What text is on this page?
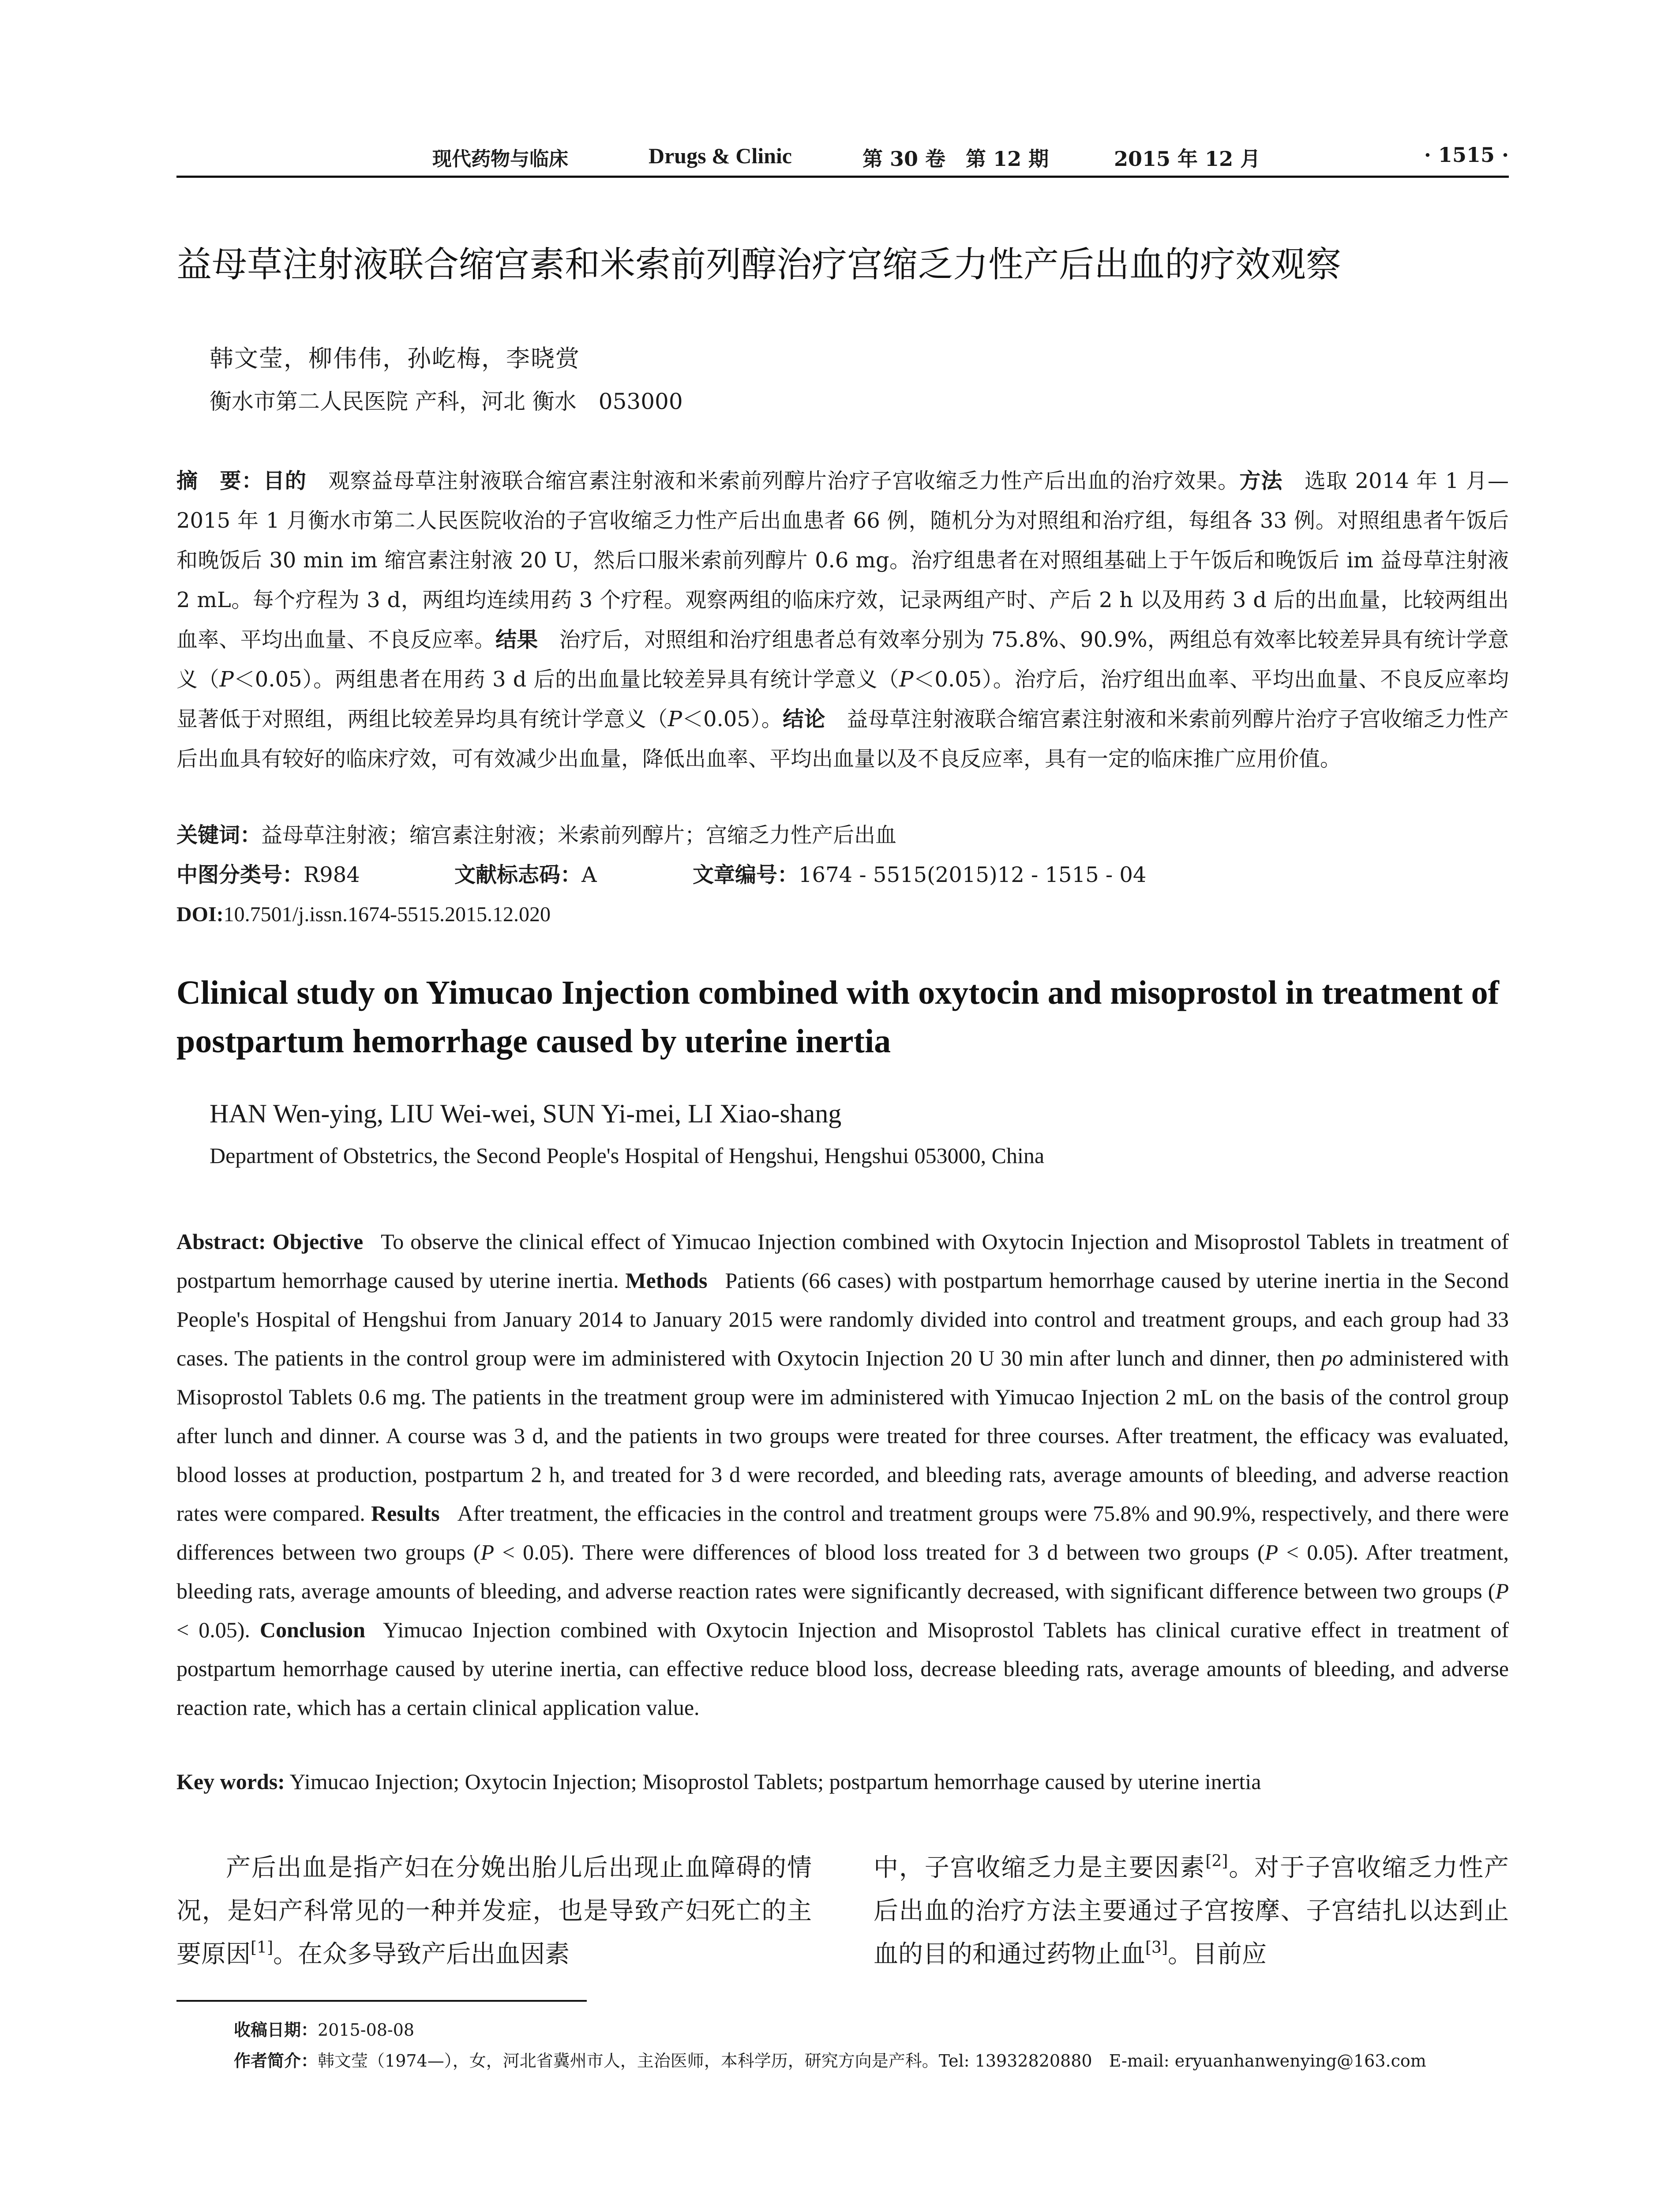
现代药物与临床	Drugs & Clinic	第 30 卷　第 12 期	2015 年 12 月	· 1515 ·
益母草注射液联合缩宫素和米索前列醇治疗宫缩乏力性产后出血的疗效观察
韩文莹，柳伟伟，孙屹梅，李晓赏
衡水市第二人民医院 产科，河北 衡水　053000
摘　要：目的 观察益母草注射液联合缩宫素注射液和米索前列醇片治疗子宫收缩乏力性产后出血的治疗效果。方法 选取 2014 年 1 月—2015 年 1 月衡水市第二人民医院收治的子宫收缩乏力性产后出血患者 66 例，随机分为对照组和治疗组，每组各 33 例。对照组患者午饭后和晚饭后 30 min im 缩宫素注射液 20 U，然后口服米索前列醇片 0.6 mg。治疗组患者在对照组基础上于午饭后和晚饭后 im 益母草注射液 2 mL。每个疗程为 3 d，两组均连续用药 3 个疗程。观察两组的临床疗效，记录两组产时、产后 2 h 以及用药 3 d 后的出血量，比较两组出血率、平均出血量、不良反应率。结果 治疗后，对照组和治疗组患者总有效率分别为 75.8%、90.9%，两组总有效率比较差异具有统计学意义（P＜0.05）。两组患者在用药 3 d 后的出血量比较差异具有统计学意义（P＜0.05）。治疗后，治疗组出血率、平均出血量、不良反应率均显著低于对照组，两组比较差异均具有统计学意义（P＜0.05）。结论 益母草注射液联合缩宫素注射液和米索前列醇片治疗子宫收缩乏力性产后出血具有较好的临床疗效，可有效减少出血量，降低出血率、平均出血量以及不良反应率，具有一定的临床推广应用价值。
关键词：益母草注射液；缩宫素注射液；米索前列醇片；宫缩乏力性产后出血
中图分类号：R984	文献标志码：A	文章编号：1674 - 5515(2015)12 - 1515 - 04
DOI:10.7501/j.issn.1674-5515.2015.12.020
Clinical study on Yimucao Injection combined with oxytocin and misoprostol in treatment of postpartum hemorrhage caused by uterine inertia
HAN Wen-ying, LIU Wei-wei, SUN Yi-mei, LI Xiao-shang
Department of Obstetrics, the Second People's Hospital of Hengshui, Hengshui 053000, China
Abstract: Objective To observe the clinical effect of Yimucao Injection combined with Oxytocin Injection and Misoprostol Tablets in treatment of postpartum hemorrhage caused by uterine inertia. Methods Patients (66 cases) with postpartum hemorrhage caused by uterine inertia in the Second People's Hospital of Hengshui from January 2014 to January 2015 were randomly divided into control and treatment groups, and each group had 33 cases. The patients in the control group were im administered with Oxytocin Injection 20 U 30 min after lunch and dinner, then po administered with Misoprostol Tablets 0.6 mg. The patients in the treatment group were im administered with Yimucao Injection 2 mL on the basis of the control group after lunch and dinner. A course was 3 d, and the patients in two groups were treated for three courses. After treatment, the efficacy was evaluated, blood losses at production, postpartum 2 h, and treated for 3 d were recorded, and bleeding rats, average amounts of bleeding, and adverse reaction rates were compared. Results After treatment, the efficacies in the control and treatment groups were 75.8% and 90.9%, respectively, and there were differences between two groups (P < 0.05). There were differences of blood loss treated for 3 d between two groups (P < 0.05). After treatment, bleeding rats, average amounts of bleeding, and adverse reaction rates were significantly decreased, with significant difference between two groups (P < 0.05). Conclusion Yimucao Injection combined with Oxytocin Injection and Misoprostol Tablets has clinical curative effect in treatment of postpartum hemorrhage caused by uterine inertia, can effective reduce blood loss, decrease bleeding rats, average amounts of bleeding, and adverse reaction rate, which has a certain clinical application value.
Key words: Yimucao Injection; Oxytocin Injection; Misoprostol Tablets; postpartum hemorrhage caused by uterine inertia
产后出血是指产妇在分娩出胎儿后出现止血障碍的情况，是妇产科常见的一种并发症，也是导致产妇死亡的主要原因[1]。在众多导致产后出血因素
中，子宫收缩乏力是主要因素[2]。对于子宫收缩乏力性产后出血的治疗方法主要通过子宫按摩、子宫结扎以达到止血的目的和通过药物止血[3]。目前应
收稿日期：2015-08-08
作者简介：韩文莹（1974—），女，河北省冀州市人，主治医师，本科学历，研究方向是产科。Tel: 13932820880　E-mail: eryuanhanwenying@163.com
